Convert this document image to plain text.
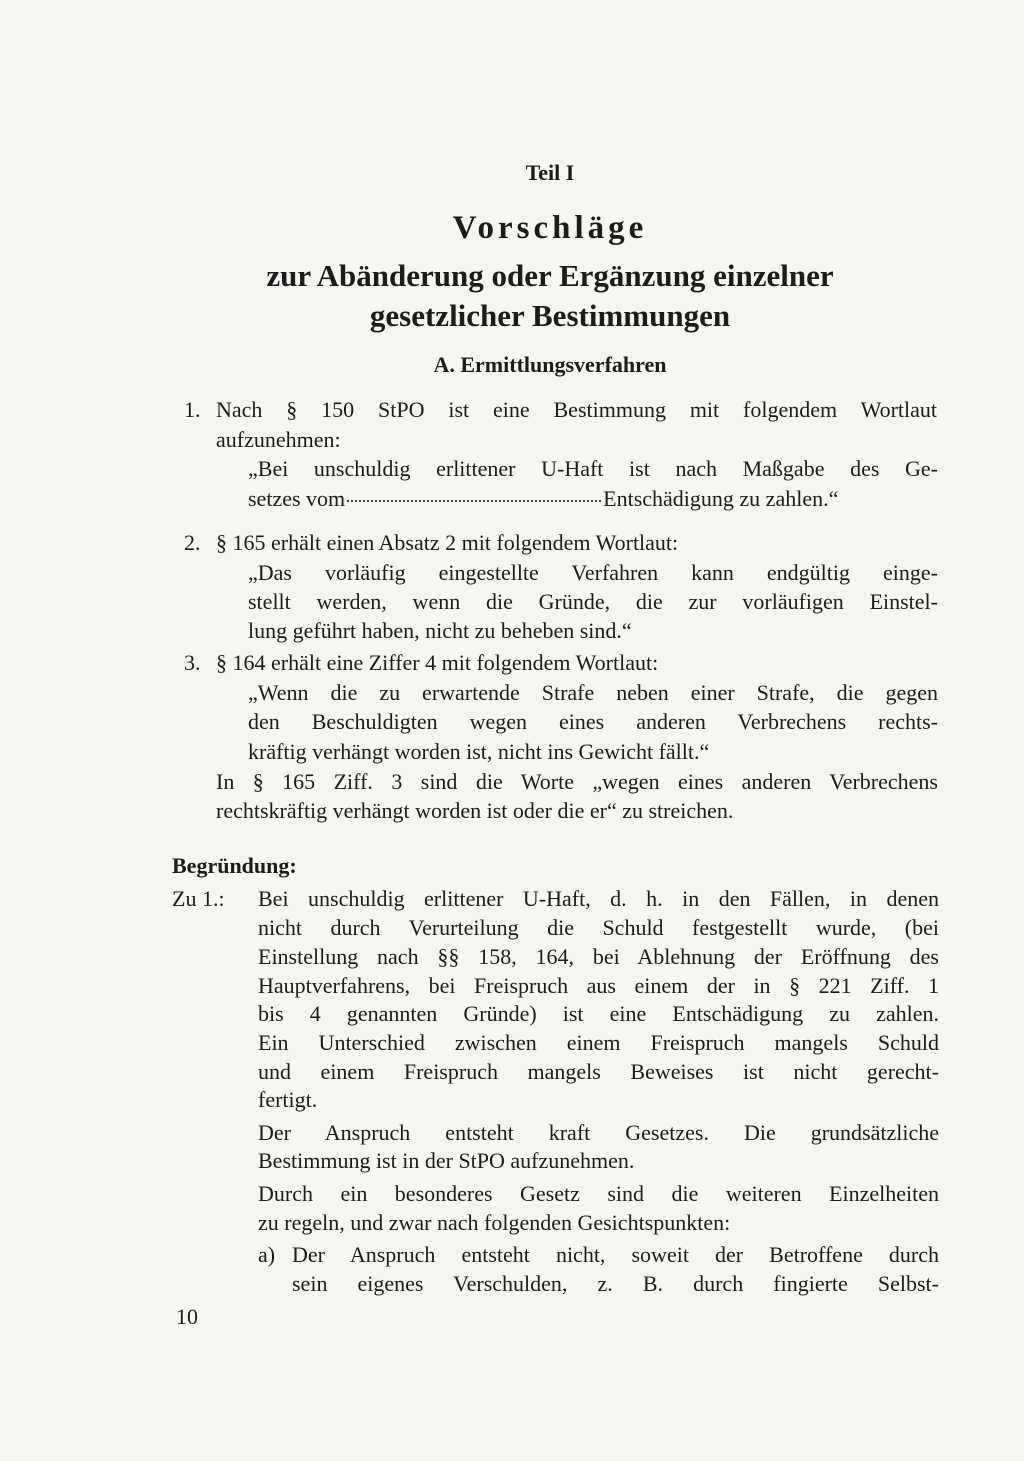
Teil I
Vorschläge
zur Abänderung oder Ergänzung einzelner
gesetzlicher Bestimmungen
A. Ermittlungsverfahren
1. Nach § 150 StPO ist eine Bestimmung mit folgendem Wortlaut
aufzunehmen:
„Bei unschuldig erlittener U-Haft ist nach Maßgabe des Ge-
setzes vom	Entschädigung zu zahlen.“
2. § 165 erhält einen Absatz 2 mit folgendem Wortlaut:
„Das vorläufig eingestellte Verfahren kann endgültig einge-
stellt werden, wenn die Gründe, die zur vorläufigen Einstel-
lung geführt haben, nicht zu beheben sind.“
3. § 164 erhält eine Ziffer 4 mit folgendem Wortlaut:
„Wenn die zu erwartende Strafe neben einer Strafe, die gegen
den Beschuldigten wegen eines anderen Verbrechens rechts-
kräftig verhängt worden ist, nicht ins Gewicht fällt.“
In § 165 Ziff. 3 sind die Worte „wegen eines anderen Verbrechens
rechtskräftig verhängt worden ist oder die er“ zu streichen.
Begründung:
Zu 1.: Bei unschuldig erlittener U-Haft, d. h. in den Fällen, in denen
nicht durch Verurteilung die Schuld festgestellt wurde, (bei
Einstellung nach §§ 158, 164, bei Ablehnung der Eröffnung des
Hauptverfahrens, bei Freispruch aus einem der in § 221 Ziff. 1
bis 4 genannten Gründe) ist eine Entschädigung zu zahlen.
Ein Unterschied zwischen einem Freispruch mangels Schuld
und einem Freispruch mangels Beweises ist nicht gerecht-
fertigt.
Der Anspruch entsteht kraft Gesetzes. Die grundsätzliche
Bestimmung ist in der StPO aufzunehmen.
Durch ein besonderes Gesetz sind die weiteren Einzelheiten
zu regeln, und zwar nach folgenden Gesichtspunkten:
a) Der Anspruch entsteht nicht, soweit der Betroffene durch
sein eigenes Verschulden, z. B. durch fingierte Selbst-
10
